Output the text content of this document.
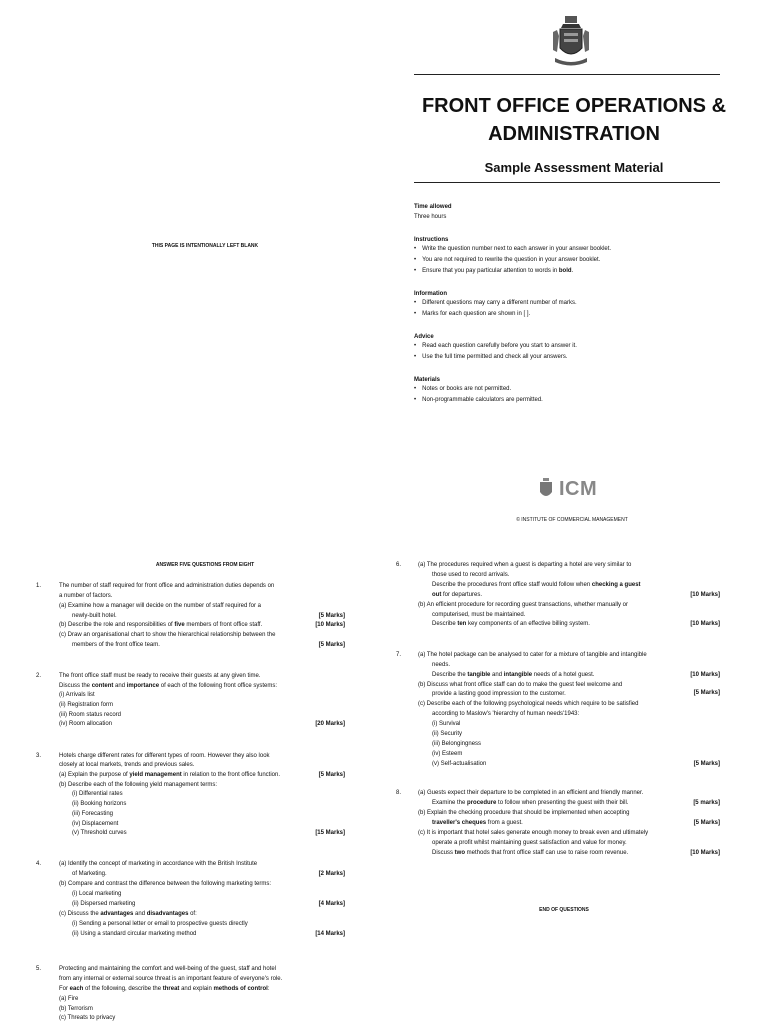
FRONT OFFICE OPERATIONS &
ADMINISTRATION
Sample Assessment Material
Time allowed
Three hours
Instructions
• Write the question number next to each answer in your answer booklet.
• You are not required to rewrite the question in your answer booklet.
• Ensure that you pay particular attention to words in bold.
Information
• Different questions may carry a different number of marks.
• Marks for each question are shown in [ ].
Advice
• Read each question carefully before you start to answer it.
• Use the full time permitted and check all your answers.
Materials
• Notes or books are not permitted.
• Non-programmable calculators are permitted.
ICM
© INSTITUTE OF COMMERCIAL MANAGEMENT
THIS PAGE IS INTENTIONALLY LEFT BLANK
ANSWER FIVE QUESTIONS FROM EIGHT
1.	The number of staff required for front office and administration duties depends on
a number of factors.
(a) Examine how a manager will decide on the number of staff required for a
newly-built hotel.	[5 Marks]
(b) Describe the role and responsibilities of five members of front office staff.	[10 Marks]
(c) Draw an organisational chart to show the hierarchical relationship between the
members of the front office team.	[5 Marks]
2.	The front office staff must be ready to receive their guests at any given time.
Discuss the content and importance of each of the following front office systems:
(i) Arrivals list
(ii) Registration form
(iii) Room status record
(iv) Room allocation	[20 Marks]
3.	Hotels charge different rates for different types of room. However they also look
closely at local markets, trends and previous sales.
(a) Explain the purpose of yield management in relation to the front office function.	[5 Marks]
(b) Describe each of the following yield management terms:
(i) Differential rates
(ii) Booking horizons
(iii) Forecasting
(iv) Displacement
(v) Threshold curves	[15 Marks]
4.	(a) Identify the concept of marketing in accordance with the British Institute
of Marketing.	[2 Marks]
(b) Compare and contrast the difference between the following marketing terms:
(i) Local marketing
(ii) Dispersed marketing	[4 Marks]
(c) Discuss the advantages and disadvantages of:
(i) Sending a personal letter or email to prospective guests directly
(ii) Using a standard circular marketing method	[14 Marks]
5.	Protecting and maintaining the comfort and well-being of the guest, staff and hotel
from any internal or external source threat is an important feature of everyone's role.
For each of the following, describe the threat and explain methods of control:
(a) Fire
(b) Terrorism
(c) Threats to privacy
6.	(a) The procedures required when a guest is departing a hotel are very similar to
those used to record arrivals.
Describe the procedures front office staff would follow when checking a guest
out for departures.	[10 Marks]
(b) An efficient procedure for recording guest transactions, whether manually or
computerised, must be maintained.
Describe ten key components of an effective billing system.	[10 Marks]
7.	(a) The hotel package can be analysed to cater for a mixture of tangible and intangible
needs.
Describe the tangible and intangible needs of a hotel guest.	[10 Marks]
(b) Discuss what front office staff can do to make the guest feel welcome and
provide a lasting good impression to the customer.	[5 Marks]
(c) Describe each of the following psychological needs which require to be satisfied
according to Maslow's 'hierarchy of human needs'1943:
(i) Survival
(ii) Security
(iii) Belongingness
(iv) Esteem
(v) Self-actualisation	[5 Marks]
8.	(a) Guests expect their departure to be completed in an efficient and friendly manner.
Examine the procedure to follow when presenting the guest with their bill.	[5 marks]
(b) Explain the checking procedure that should be implemented when accepting
traveller's cheques from a guest.	[5 Marks]
(c) It is important that hotel sales generate enough money to break even and ultimately
operate a profit whilst maintaining guest satisfaction and value for money.
Discuss two methods that front office staff can use to raise room revenue.	[10 Marks]
END OF QUESTIONS
